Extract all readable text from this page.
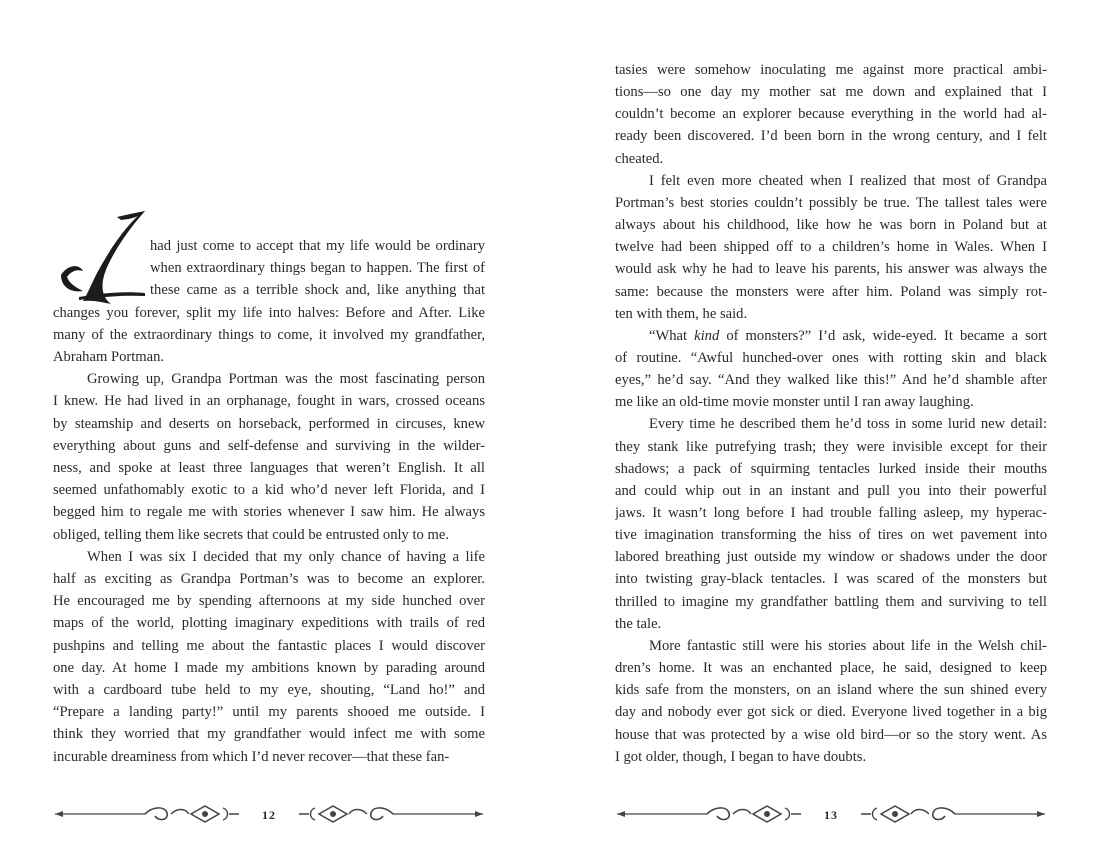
had just come to accept that my life would be ordinary
when extraordinary things began to happen. The first of
these came as a terrible shock and, like anything that
changes you forever, split my life into halves: Before and After. Like
many of the extraordinary things to come, it involved my grandfather,
Abraham Portman.
Growing up, Grandpa Portman was the most fascinating person
I knew. He had lived in an orphanage, fought in wars, crossed oceans
by steamship and deserts on horseback, performed in circuses, knew
everything about guns and self-defense and surviving in the wilder-
ness, and spoke at least three languages that weren’t English. It all
seemed unfathomably exotic to a kid who’d never left Florida, and I
begged him to regale me with stories whenever I saw him. He always
obliged, telling them like secrets that could be entrusted only to me.
When I was six I decided that my only chance of having a life
half as exciting as Grandpa Portman’s was to become an explorer.
He encouraged me by spending afternoons at my side hunched over
maps of the world, plotting imaginary expeditions with trails of red
pushpins and telling me about the fantastic places I would discover
one day. At home I made my ambitions known by parading around
with a cardboard tube held to my eye, shouting, “Land ho!” and
“Prepare a landing party!” until my parents shooed me outside. I
think they worried that my grandfather would infect me with some
incurable dreaminess from which I’d never recover—that these fan-
12
tasies were somehow inoculating me against more practical ambi-
tions—so one day my mother sat me down and explained that I
couldn’t become an explorer because everything in the world had al-
ready been discovered. I’d been born in the wrong century, and I felt
cheated.
I felt even more cheated when I realized that most of Grandpa
Portman’s best stories couldn’t possibly be true. The tallest tales were
always about his childhood, like how he was born in Poland but at
twelve had been shipped off to a children’s home in Wales. When I
would ask why he had to leave his parents, his answer was always the
same: because the monsters were after him. Poland was simply rot-
ten with them, he said.
“What kind of monsters?” I’d ask, wide-eyed. It became a sort
of routine. “Awful hunched-over ones with rotting skin and black
eyes,” he’d say. “And they walked like this!” And he’d shamble after
me like an old-time movie monster until I ran away laughing.
Every time he described them he’d toss in some lurid new detail:
they stank like putrefying trash; they were invisible except for their
shadows; a pack of squirming tentacles lurked inside their mouths
and could whip out in an instant and pull you into their powerful
jaws. It wasn’t long before I had trouble falling asleep, my hyperac-
tive imagination transforming the hiss of tires on wet pavement into
labored breathing just outside my window or shadows under the door
into twisting gray-black tentacles. I was scared of the monsters but
thrilled to imagine my grandfather battling them and surviving to tell
the tale.
More fantastic still were his stories about life in the Welsh chil-
dren’s home. It was an enchanted place, he said, designed to keep
kids safe from the monsters, on an island where the sun shined every
day and nobody ever got sick or died. Everyone lived together in a big
house that was protected by a wise old bird—or so the story went. As
I got older, though, I began to have doubts.
13
